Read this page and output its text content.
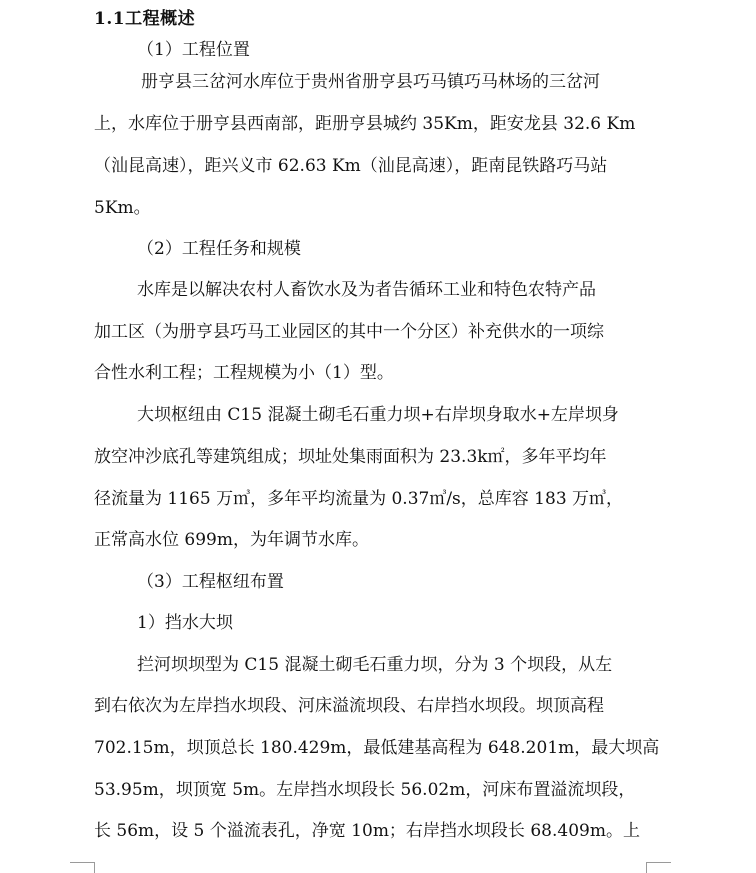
1.1工程概述
（1）工程位置
册亨县三岔河水库位于贵州省册亨县巧马镇巧马林场的三岔河
上，水库位于册亨县西南部，距册亨县城约 35Km，距安龙县 32.6 Km
（汕昆高速），距兴义市 62.63 Km（汕昆高速），距南昆铁路巧马站
5Km。
（2）工程任务和规模
水库是以解决农村人畜饮水及为者告循环工业和特色农特产品
加工区（为册亨县巧马工业园区的其中一个分区）补充供水的一项综
合性水利工程；工程规模为小（1）型。
大坝枢纽由 C15 混凝土砌毛石重力坝+右岸坝身取水+左岸坝身
放空冲沙底孔等建筑组成；坝址处集雨面积为 23.3k㎡，多年平均年
径流量为 1165 万㎥，多年平均流量为 0.37㎥/s，总库容 183 万㎥，
正常高水位 699m，为年调节水库。
（3）工程枢纽布置
1）挡水大坝
拦河坝坝型为 C15 混凝土砌毛石重力坝，分为 3 个坝段，从左
到右依次为左岸挡水坝段、河床溢流坝段、右岸挡水坝段。坝顶高程
702.15m，坝顶总长 180.429m，最低建基高程为 648.201m，最大坝高
53.95m，坝顶宽 5m。左岸挡水坝段长 56.02m，河床布置溢流坝段，
长 56m，设 5 个溢流表孔，净宽 10m；右岸挡水坝段长 68.409m。上
